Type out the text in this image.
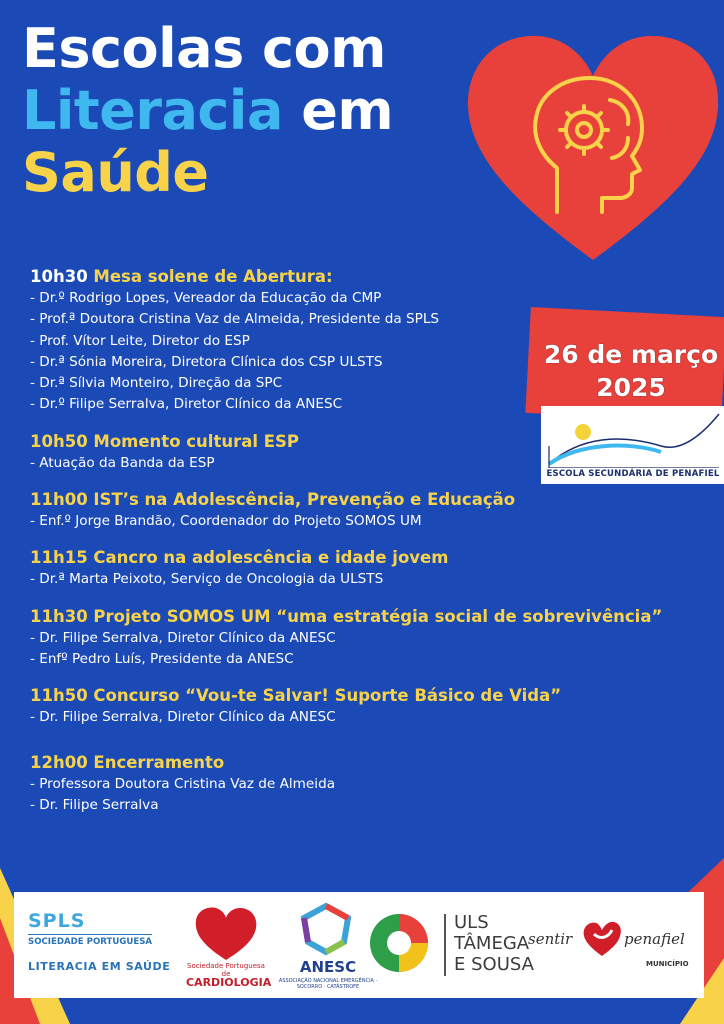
Escolas com
Literacia em
Saúde
26 de março
2025
ESCOLA SECUNDÁRIA DE PENAFIEL
10h30 Mesa solene de Abertura:
- Dr.º Rodrigo Lopes, Vereador da Educação da CMP
- Prof.ª Doutora Cristina Vaz de Almeida, Presidente da SPLS
- Prof. Vítor Leite, Diretor do ESP
- Dr.ª Sónia Moreira, Diretora Clínica dos CSP ULSTS
- Dr.ª Sílvia Monteiro, Direção da SPC
- Dr.º Filipe Serralva, Diretor Clínico da ANESC
10h50 Momento cultural ESP
- Atuação da Banda da ESP
11h00 IST’s na Adolescência, Prevenção e Educação
- Enf.º Jorge Brandão, Coordenador do Projeto SOMOS UM
11h15 Cancro na adolescência e idade jovem
- Dr.ª Marta Peixoto, Serviço de Oncologia da ULSTS
11h30 Projeto SOMOS UM “uma estratégia social de sobrevivência”
- Dr. Filipe Serralva, Diretor Clínico da ANESC
- Enfº Pedro Luís, Presidente da ANESC
11h50 Concurso “Vou-te Salvar! Suporte Básico de Vida”
- Dr. Filipe Serralva, Diretor Clínico da ANESC
12h00 Encerramento
- Professora Doutora Cristina Vaz de Almeida
- Dr. Filipe Serralva
SPLS
SOCIEDADE PORTUGUESA
LITERACIA EM SAÚDE Sociedade Portuguesa de
CARDIOLOGIA
ANESC
ASSOCIAÇÃO NACIONAL EMERGÊNCIA · SOCORRO · CATÁSTROFE
ULS
TÂMEGA
E SOUSA
sentir	penafiel
MUNICÍPIO
